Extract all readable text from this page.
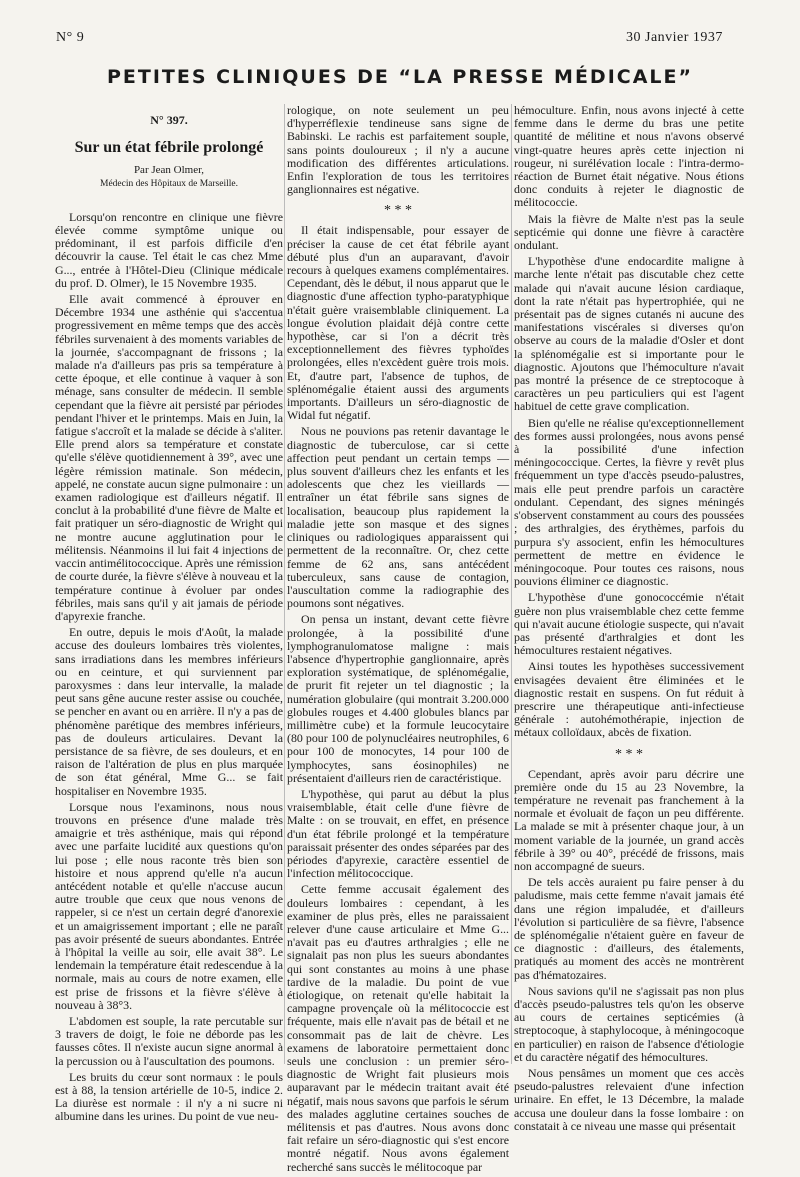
N° 9	30 Janvier 1937
PETITES CLINIQUES DE “LA PRESSE MÉDICALE”
N° 397.
Sur un état fébrile prolongé
Par Jean Olmer,
Médecin des Hôpitaux de Marseille.

Lorsqu'on rencontre en clinique une fièvre élevée comme symptôme unique ou prédominant, il est parfois difficile d'en découvrir la cause. Tel était le cas chez Mme G..., entrée à l'Hôtel-Dieu (Clinique médicale du prof. D. Olmer), le 15 Novembre 1935.

Elle avait commencé à éprouver en Décembre 1934 une asthénie qui s'accentua progressivement en même temps que des accès fébriles survenaient à des moments variables de la journée, s'accompagnant de frissons ; la malade n'a d'ailleurs pas pris sa température à cette époque, et elle continue à vaquer à son ménage, sans consulter de médecin. Il semble cependant que la fièvre ait persisté par périodes pendant l'hiver et le printemps. Mais en Juin, la fatigue s'accroît et la malade se décide à s'aliter. Elle prend alors sa température et constate qu'elle s'élève quotidiennement à 39°, avec une légère rémission matinale. Son médecin, appelé, ne constate aucun signe pulmonaire : un examen radiologique est d'ailleurs négatif. Il conclut à la probabilité d'une fièvre de Malte et fait pratiquer un séro-diagnostic de Wright qui ne montre aucune agglutination pour le mélitensis. Néanmoins il lui fait 4 injections de vaccin antimélitococcique. Après une rémission de courte durée, la fièvre s'élève à nouveau et la température continue à évoluer par ondes fébriles, mais sans qu'il y ait jamais de période d'apyrexie franche.

En outre, depuis le mois d'Août, la malade accuse des douleurs lombaires très violentes, sans irradiations dans les membres inférieurs ou en ceinture, et qui surviennent par paroxysmes : dans leur intervalle, la malade peut sans gêne aucune rester assise ou couchée, se pencher en avant ou en arrière. Il n'y a pas de phénomène parétique des membres inférieurs, pas de douleurs articulaires. Devant la persistance de sa fièvre, de ses douleurs, et en raison de l'altération de plus en plus marquée de son état général, Mme G... se fait hospitaliser en Novembre 1935.

Lorsque nous l'examinons, nous nous trouvons en présence d'une malade très amaigrie et très asthénique, mais qui répond avec une parfaite lucidité aux questions qu'on lui pose ; elle nous raconte très bien son histoire et nous apprend qu'elle n'a aucun antécédent notable et qu'elle n'accuse aucun autre trouble que ceux que nous venons de rappeler, si ce n'est un certain degré d'anorexie et un amaigrissement important ; elle ne paraît pas avoir présenté de sueurs abondantes. Entrée à l'hôpital la veille au soir, elle avait 38°. Le lendemain la température était redescendue à la normale, mais au cours de notre examen, elle est prise de frissons et la fièvre s'élève à nouveau à 38°3.

L'abdomen est souple, la rate percutable sur 3 travers de doigt, le foie ne déborde pas les fausses côtes. Il n'existe aucun signe anormal à la percussion ou à l'auscultation des poumons.

Les bruits du cœur sont normaux : le pouls est à 88, la tension artérielle de 10-5, indice 2. La diurèse est normale : il n'y a ni sucre ni albumine dans les urines. Du point de vue neu-

rologique, on note seulement un peu d'hyperréflexie tendineuse sans signe de Babinski. Le rachis est parfaitement souple, sans points douloureux ; il n'y a aucune modification des différentes articulations. Enfin l'exploration de tous les territoires ganglionnaires est négative.

* * *

Il était indispensable, pour essayer de préciser la cause de cet état fébrile ayant débuté plus d'un an auparavant, d'avoir recours à quelques examens complémentaires. Cependant, dès le début, il nous apparut que le diagnostic d'une affection typho-paratyphique n'était guère vraisemblable cliniquement. La longue évolution plaidait déjà contre cette hypothèse, car si l'on a décrit très exceptionnellement des fièvres typhoïdes prolongées, elles n'excèdent guère trois mois. Et, d'autre part, l'absence de tuphos, de splénomégalie étaient aussi des arguments importants. D'ailleurs un séro-diagnostic de Widal fut négatif.

Nous ne pouvions pas retenir davantage le diagnostic de tuberculose, car si cette affection peut pendant un certain temps — plus souvent d'ailleurs chez les enfants et les adolescents que chez les vieillards — entraîner un état fébrile sans signes de localisation, beaucoup plus rapidement la maladie jette son masque et des signes cliniques ou radiologiques apparaissent qui permettent de la reconnaître. Or, chez cette femme de 62 ans, sans antécédent tuberculeux, sans cause de contagion, l'auscultation comme la radiographie des poumons sont négatives.

On pensa un instant, devant cette fièvre prolongée, à la possibilité d'une lymphogranulomatose maligne : mais l'absence d'hypertrophie ganglionnaire, après exploration systématique, de splénomégalie, de prurit fit rejeter un tel diagnostic ; la numération globulaire (qui montrait 3.200.000 globules rouges et 4.400 globules blancs par millimètre cube) et la formule leucocytaire (80 pour 100 de polynucléaires neutrophiles, 6 pour 100 de monocytes, 14 pour 100 de lymphocytes, sans éosinophiles) ne présentaient d'ailleurs rien de caractéristique.

L'hypothèse, qui parut au début la plus vraisemblable, était celle d'une fièvre de Malte : on se trouvait, en effet, en présence d'un état fébrile prolongé et la température paraissait présenter des ondes séparées par des périodes d'apyrexie, caractère essentiel de l'infection mélitococcique.

Cette femme accusait également des douleurs lombaires : cependant, à les examiner de plus près, elles ne paraissaient relever d'une cause articulaire et Mme G... n'avait pas eu d'autres arthralgies ; elle ne signalait pas non plus les sueurs abondantes qui sont constantes au moins à une phase tardive de la maladie. Du point de vue étiologique, on retenait qu'elle habitait la campagne provençale où la mélitococcie est fréquente, mais elle n'avait pas de bétail et ne consommait pas de lait de chèvre. Les examens de laboratoire permettaient donc seuls une conclusion : un premier séro-diagnostic de Wright fait plusieurs mois auparavant par le médecin traitant avait été négatif, mais nous savons que parfois le sérum des malades agglutine certaines souches de mélitensis et pas d'autres. Nous avons donc fait refaire un séro-diagnostic qui s'est encore montré négatif. Nous avons également recherché sans succès le mélitocoque par

hémoculture. Enfin, nous avons injecté à cette femme dans le derme du bras une petite quantité de mélitine et nous n'avons observé vingt-quatre heures après cette injection ni rougeur, ni surélévation locale : l'intra-dermo-réaction de Burnet était négative. Nous étions donc conduits à rejeter le diagnostic de mélitococcie.

Mais la fièvre de Malte n'est pas la seule septicémie qui donne une fièvre à caractère ondulant.

L'hypothèse d'une endocardite maligne à marche lente n'était pas discutable chez cette malade qui n'avait aucune lésion cardiaque, dont la rate n'était pas hypertrophiée, qui ne présentait pas de signes cutanés ni aucune des manifestations viscérales si diverses qu'on observe au cours de la maladie d'Osler et dont la splénomégalie est si importante pour le diagnostic. Ajoutons que l'hémoculture n'avait pas montré la présence de ce streptocoque à caractères un peu particuliers qui est l'agent habituel de cette grave complication.

Bien qu'elle ne réalise qu'exceptionnellement des formes aussi prolongées, nous avons pensé à la possibilité d'une infection méningococcique. Certes, la fièvre y revêt plus fréquemment un type d'accès pseudo-palustres, mais elle peut prendre parfois un caractère ondulant. Cependant, des signes méningés s'observent constamment au cours des poussées ; des arthralgies, des érythèmes, parfois du purpura s'y associent, enfin les hémocultures permettent de mettre en évidence le méningocoque. Pour toutes ces raisons, nous pouvions éliminer ce diagnostic.

L'hypothèse d'une gonococcémie n'était guère non plus vraisemblable chez cette femme qui n'avait aucune étiologie suspecte, qui n'avait pas présenté d'arthralgies et dont les hémocultures restaient négatives.

Ainsi toutes les hypothèses successivement envisagées devaient être éliminées et le diagnostic restait en suspens. On fut réduit à prescrire une thérapeutique anti-infectieuse générale : autohémothérapie, injection de métaux colloïdaux, abcès de fixation.

* * *

Cependant, après avoir paru décrire une première onde du 15 au 23 Novembre, la température ne revenait pas franchement à la normale et évoluait de façon un peu différente. La malade se mit à présenter chaque jour, à un moment variable de la journée, un grand accès fébrile à 39° ou 40°, précédé de frissons, mais non accompagné de sueurs.

De tels accès auraient pu faire penser à du paludisme, mais cette femme n'avait jamais été dans une région impaludée, et d'ailleurs l'évolution si particulière de sa fièvre, l'absence de splénomégalie n'étaient guère en faveur de ce diagnostic : d'ailleurs, des étalements, pratiqués au moment des accès ne montrèrent pas d'hématozaires.

Nous savions qu'il ne s'agissait pas non plus d'accès pseudo-palustres tels qu'on les observe au cours de certaines septicémies (à streptocoque, à staphylocoque, à méningocoque en particulier) en raison de l'absence d'étiologie et du caractère négatif des hémocultures.

Nous pensâmes un moment que ces accès pseudo-palustres relevaient d'une infection urinaire. En effet, le 13 Décembre, la malade accusa une douleur dans la fosse lombaire : on constatait à ce niveau une masse qui présentait
